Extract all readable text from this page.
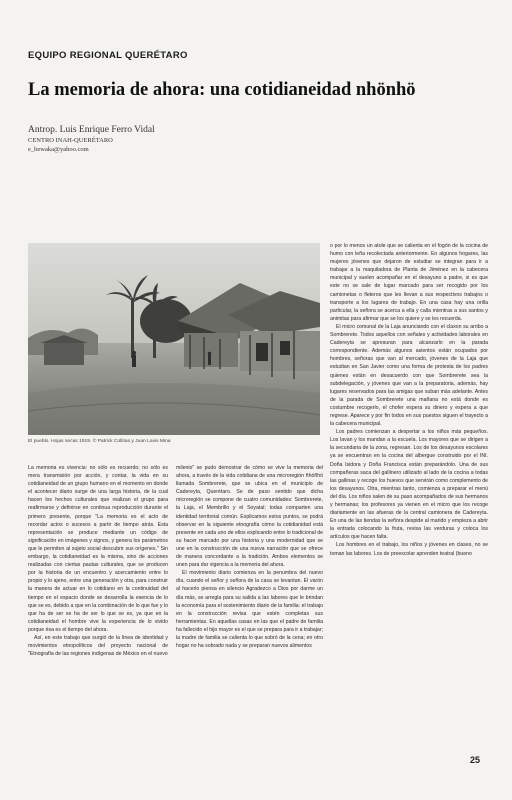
EQUIPO REGIONAL QUERÉTARO
La memoria de ahora: una cotidianeidad nhönhö
Antrop. Luis Enrique Ferro Vidal
CENTRO INAH-QUERÉTARO
e_bewaka@yahoo.com
El pueblo. Hojas secas 1919. © Patrick Collitas y Juan Lavis Mina

La memoria es vivencia: no sólo es recuerdo; no sólo es mera transmisión por acción, y contar, la vida en su cotidianeidad de un grupo humano en el momento en donde el acontecer diario surge de una larga historia, de la cual hacen los hechos culturales que realizan el grupo para reafirmarse y definirse en continua reproducción durante el primero presente, porque "La memoria es el acto de recordar actos o sucesos a partir de tiempo atrás. Esta representación se produce mediante un código de significación en imágenes y signos, y genera los parámetros que le permiten al sujeto social descubrir sus orígenes." Sin embargo, la cotidianeidad es la misma, sino de acciones realizadas con ciertas pautas culturales, que se producen por la historia de un encuentro y acercamiento entre lo propio y lo ajeno, entre una generación y otra, para construir la manera de actuar en lo cotidiano en la continuidad del tiempo en el espacio donde se desarrolla la esencia de lo que se es, debido a que en la combinación de lo que fue y lo que ha de ser se ha de ser lo que se es, ya que en la cotidianeidad el hombre vive la experiencia de lo vivido porque ésa es el tiempo del ahora.

Así, en este trabajo que surgió de la línea de identidad y movimientos etnopolíticos del proyecto nacional de "Etnografía de las regiones indígenas de México en el nuevo

milenio" se pudo demostrar de cómo se vive la memoria del ahora, a través de la vida cotidiana de una microregión ñhöñhö llamada Sombrerete, que se ubica en el municipio de Cadereyta, Querétaro. Se de paso sentido que dicha microregión se compone de cuatro comunidades: Sombrerete, la Laja, el Membrillo y el Soyatal; todas comparten una identidad territorial común. Explicamos estos puntos, se podrá observar en la siguiente etnografía cómo la cotidianidad está presente en cada uno de ellos explicando entre lo tradicional de su hacer marcado por una historia y una modernidad que se une en la construcción de una nueva narración que se ofrece de manera concordante a la tradición. Ambos elementos se unen para dar vigencia a la memoria del ahora.

El movimiento diario comienza en la penumbra del nuevo día, cuando el señor y señora de la casa se levantan. El varón al hacerlo piensa en silencio Agradezco a Dios por darme un día más, se arregla para su salida a las labores que le brindan la economía para el sostenimiento diario de la familia: el trabajo en la construcción revisa que estén completas sus herramientas. En aquellas casas en las que el padre de familia ha fallecido el hijo mayor es el que se prepara para ir a trabajar; la madre de familia se calienta lo que sobró de la cena; en otro hogar no ha sobrado nada y se preparan nuevos alimentos

o por lo menos un atole que se calienta en el fogón de la cocina de humo con leña recolectada anteriormente. En algunos hogares, las mujeres jóvenes que dejaron de estudiar se integran para ir a trabajar a la maquiladora de Planta de Jiménez en la cabecera municipal y suelen acompañar en el desayuno a padre, si es que este no se sale de lugar marcado para ser recogido por los camionetas o fleteros que les llevan a sus respectivos trabajos o transporte a los lugares de trabajo. En una casa hay una orilla particular, la señora se acerca a ella y calla mientras a sus santos y animitas para afirmar que se los quiere y se les recuerda.

El micro comunal de la Laja anunciando con el claxon su arribo a Sombrerete. Todos aquellos con señales y actividades laborales en Cadereyta se apresuran para alcanzarlo en la parada correspondiente. Además algunos asientos están ocupados por hombres, señoras que van al mercado, jóvenes de la Laja que estudian en San Javier como una forma de protesta de los padres quienes están en desacuerdo con que Sombrerete sea la subdelegación, y jóvenes que van a la preparatoria, además, hay lugares reservados para las amigas que suban más adelante. Antes de la parada de Sombrerete una mañana no está donde es costumbre recogerlo, el chofer espera su dinero y espera a que regrese. Aparece y por fin todos en sus puestos siguen el trayecto a la cabecera municipal.

Los padres comienzan a despertar a los niños más pequeños. Los lavan y los mandan a la escuela. Los mayores que se dirigen a la secundaria de la zona, regresan. Los de los desayunos escolares ya se encuentran en la cocina del albergue construido por el INI. Doña Isidora y Doña Francisca están preparándolo. Una de sus compañeras saca del gallinero utilizado al lado de la cocina a todas las gallinas y recoge los huevos que servirán como complemento de los desayunos. Otra, mientras tanto, comienza a preparar el menú del día. Los niños salen de su paso acompañados de sus hermanos y hermanas; los profesores ya vienen en el micro que los recoge diariamente en las afueras de la central camionera de Cadereyta. En una de las tiendas la señora despide al marido y empieza a abrir la entrada colocando la fruta, revisa las verduras y coloca los artículos que hacen falta.

Los hombres en el trabajo, los niños y jóvenes en clases, no se toman las labores. Los de preescolar aprenden teatral (bueno

25
